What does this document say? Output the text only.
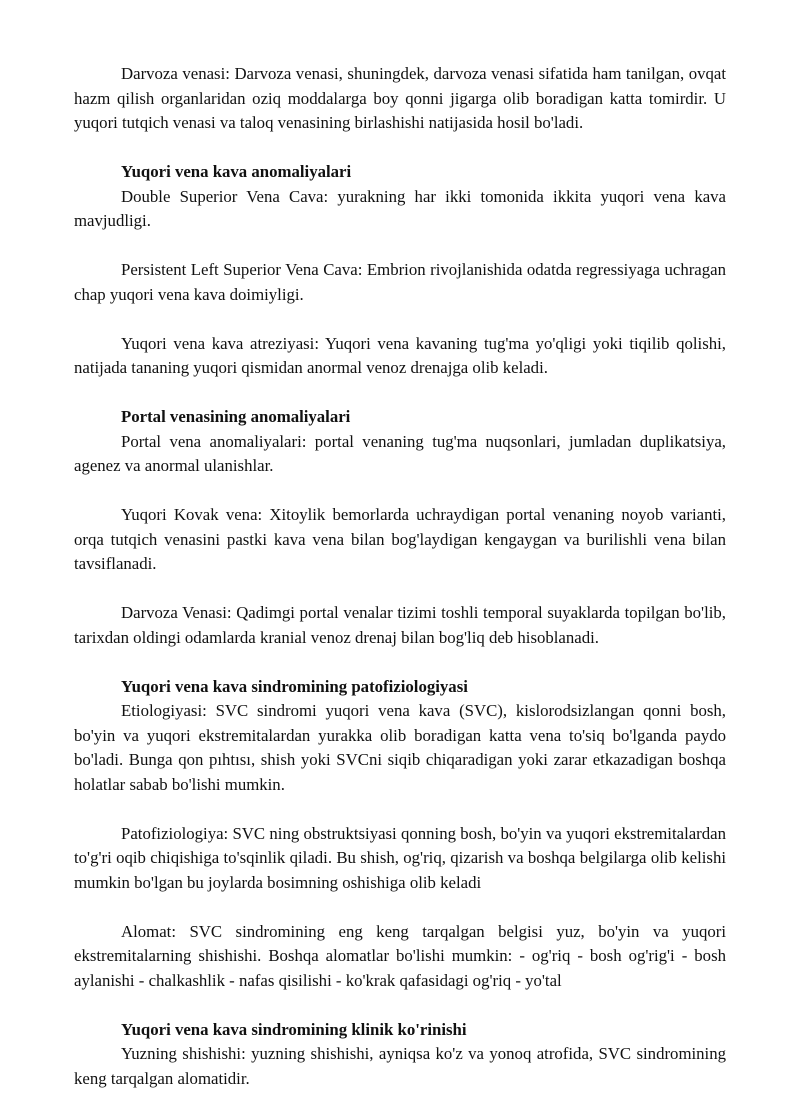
Darvoza venasi: Darvoza venasi, shuningdek, darvoza venasi sifatida ham tanilgan, ovqat hazm qilish organlaridan oziq moddalarga boy qonni jigarga olib boradigan katta tomirdir. U yuqori tutqich venasi va taloq venasining birlashishi natijasida hosil bo'ladi.

Yuqori vena kava anomaliyalari

Double Superior Vena Cava: yurakning har ikki tomonida ikkita yuqori vena kava mavjudligi.

Persistent Left Superior Vena Cava: Embrion rivojlanishida odatda regressiyaga uchragan chap yuqori vena kava doimiyligi.

Yuqori vena kava atreziyasi: Yuqori vena kavaning tug'ma yo'qligi yoki tiqilib qolishi, natijada tananing yuqori qismidan anormal venoz drenajga olib keladi.

Portal venasining anomaliyalari

Portal vena anomaliyalari: portal venaning tug'ma nuqsonlari, jumladan duplikatsiya, agenez va anormal ulanishlar.

Yuqori Kovak vena: Xitoylik bemorlarda uchraydigan portal venaning noyob varianti, orqa tutqich venasini pastki kava vena bilan bog'laydigan kengaygan va burilishli vena bilan tavsiflanadi.

Darvoza Venasi: Qadimgi portal venalar tizimi toshli temporal suyaklarda topilgan bo'lib, tarixdan oldingi odamlarda kranial venoz drenaj bilan bog'liq deb hisoblanadi.

Yuqori vena kava sindromining patofiziologiyasi

Etiologiyasi: SVC sindromi yuqori vena kava (SVC), kislorodsizlangan qonni bosh, bo'yin va yuqori ekstremitalardan yurakka olib boradigan katta vena to'siq bo'lganda paydo bo'ladi. Bunga qon pıhtısı, shish yoki SVCni siqib chiqaradigan yoki zarar etkazadigan boshqa holatlar sabab bo'lishi mumkin.

Patofiziologiya: SVC ning obstruktsiyasi qonning bosh, bo'yin va yuqori ekstremitalardan to'g'ri oqib chiqishiga to'sqinlik qiladi. Bu shish, og'riq, qizarish va boshqa belgilarga olib kelishi mumkin bo'lgan bu joylarda bosimning oshishiga olib keladi

Alomat: SVC sindromining eng keng tarqalgan belgisi yuz, bo'yin va yuqori ekstremitalarning shishishi. Boshqa alomatlar bo'lishi mumkin: - og'riq - bosh og'rig'i - bosh aylanishi - chalkashlik - nafas qisilishi - ko'krak qafasidagi og'riq - yo'tal

Yuqori vena kava sindromining klinik ko'rinishi

Yuzning shishishi: yuzning shishishi, ayniqsa ko'z va yonoq atrofida, SVC sindromining keng tarqalgan alomatidir.
